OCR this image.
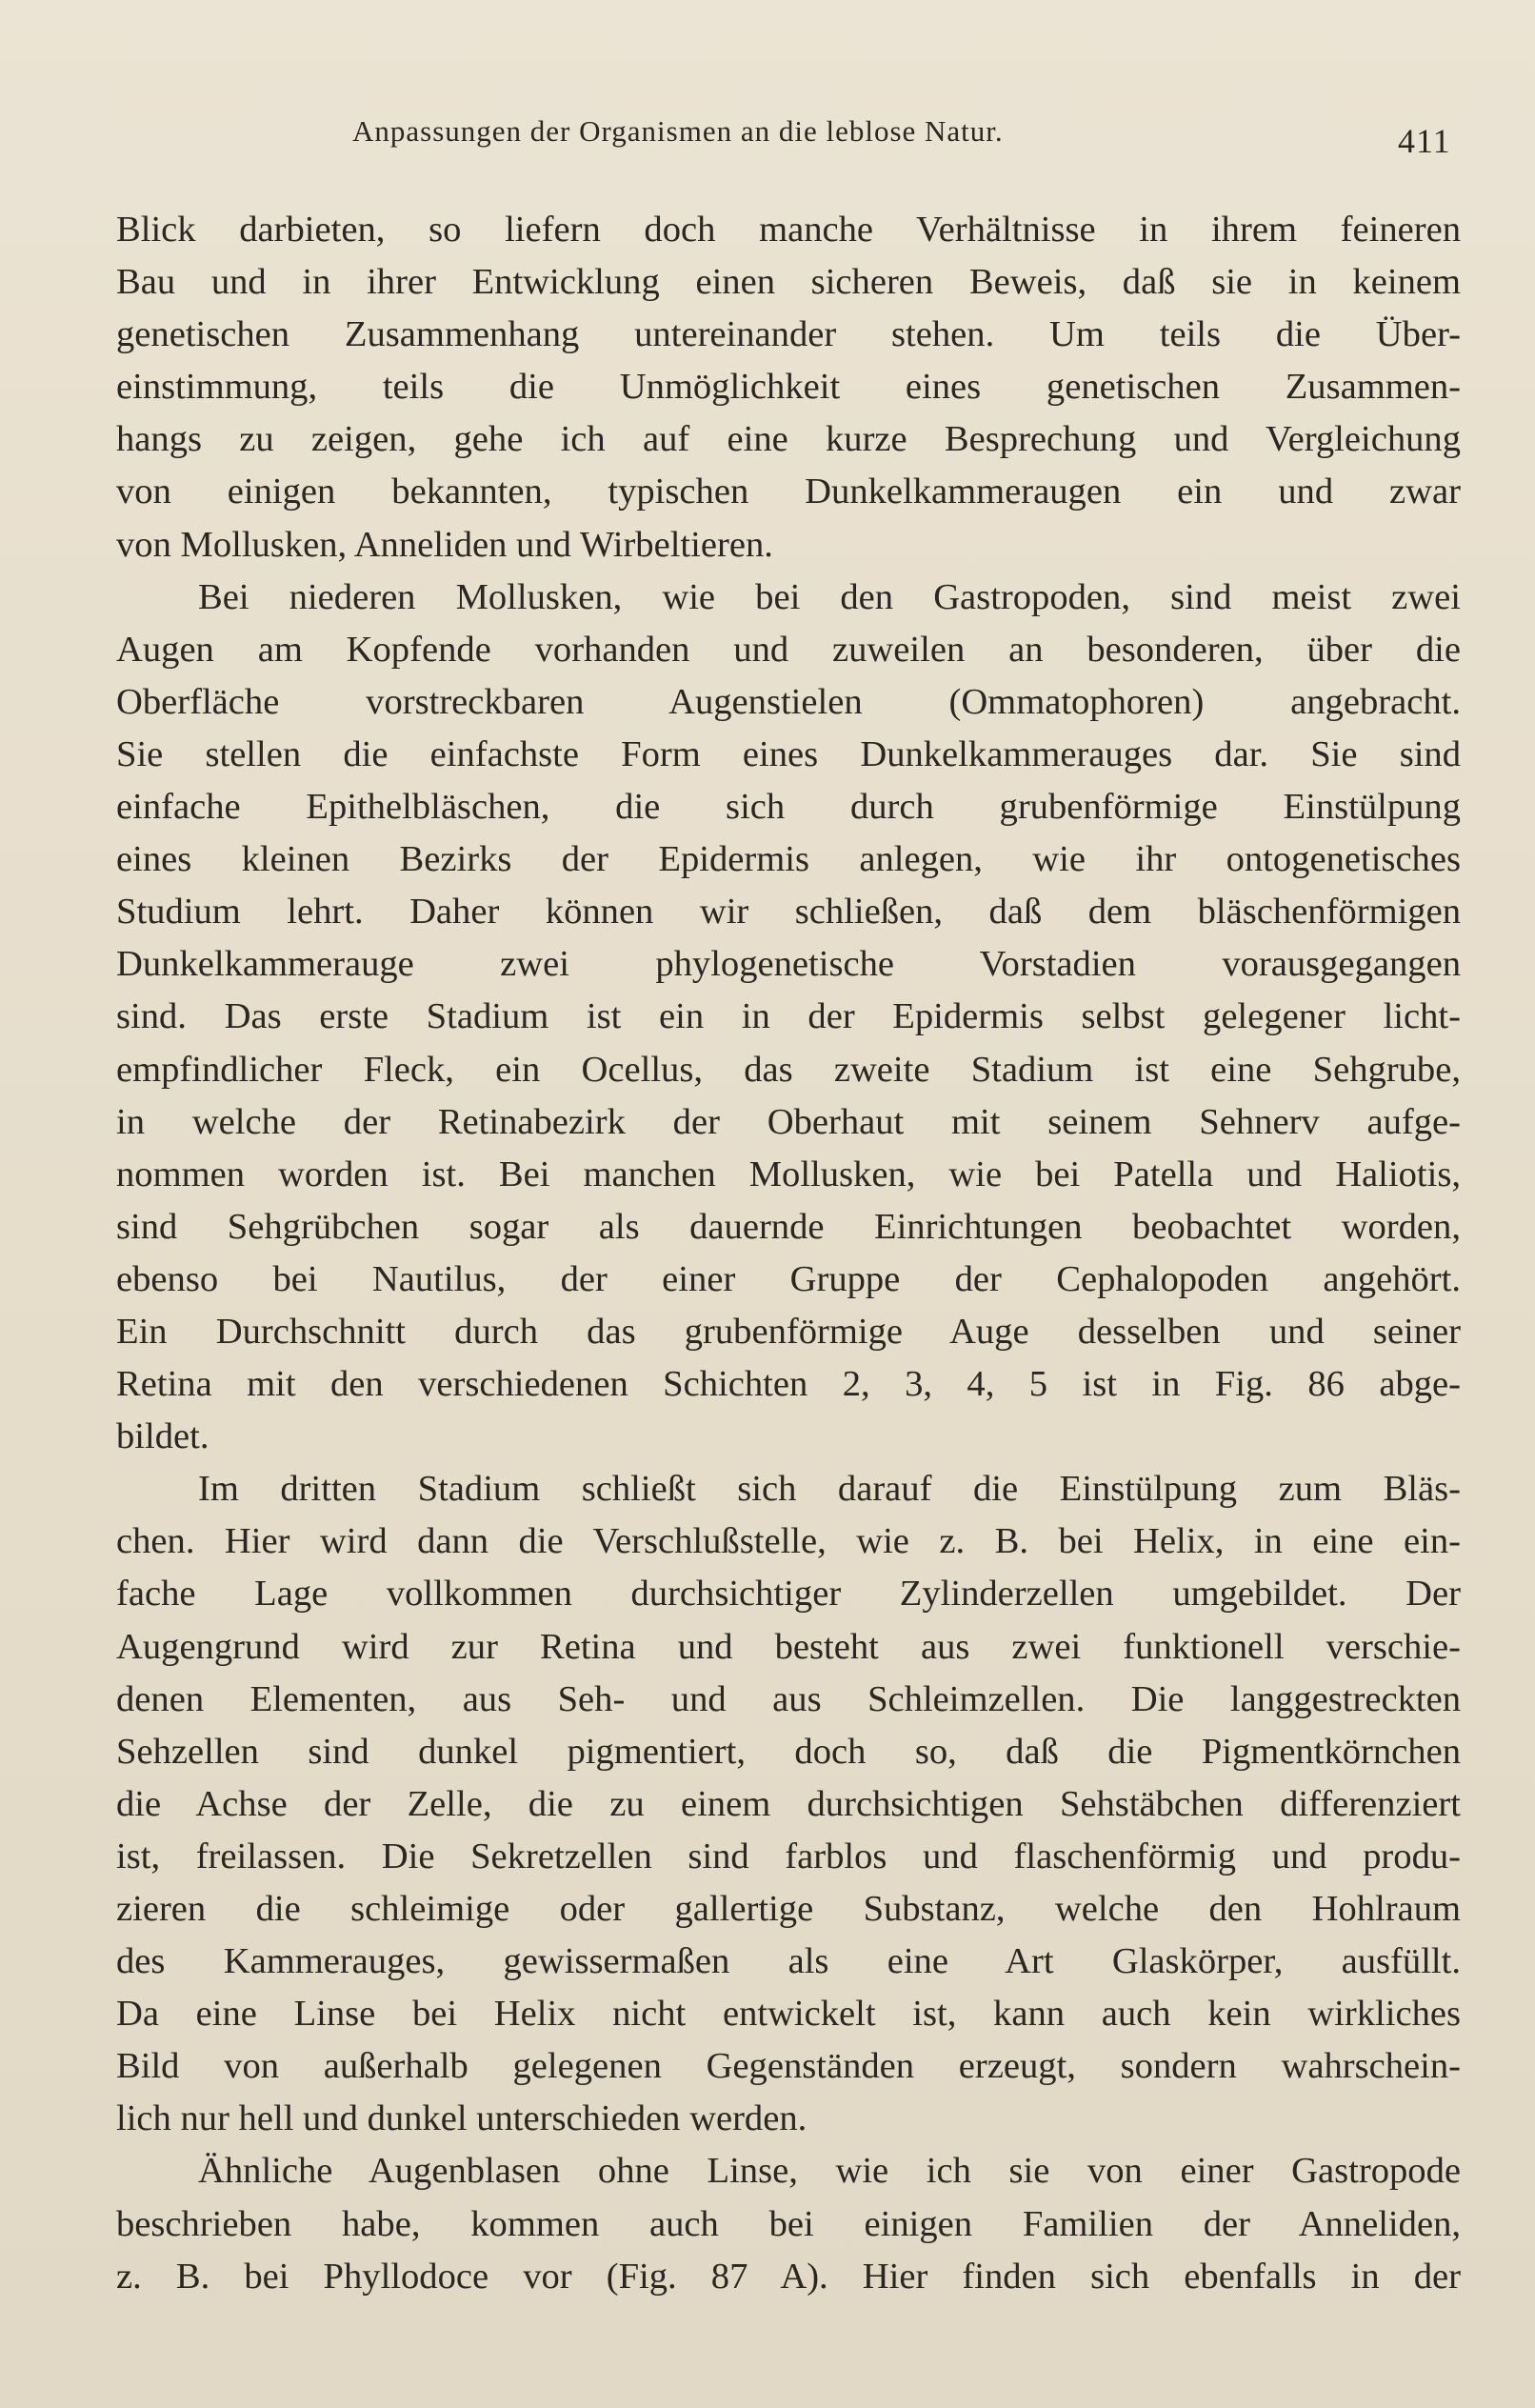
Anpassungen der Organismen an die leblose Natur.	411

Blick darbieten, so liefern doch manche Verhältnisse in ihrem feineren
Bau und in ihrer Entwicklung einen sicheren Beweis, daß sie in keinem
genetischen Zusammenhang untereinander stehen. Um teils die Über-
einstimmung, teils die Unmöglichkeit eines genetischen Zusammen-
hangs zu zeigen, gehe ich auf eine kurze Besprechung und Vergleichung
von einigen bekannten, typischen Dunkelkammeraugen ein und zwar
von Mollusken, Anneliden und Wirbeltieren.

Bei niederen Mollusken, wie bei den Gastropoden, sind meist zwei
Augen am Kopfende vorhanden und zuweilen an besonderen, über die
Oberfläche vorstreckbaren Augenstielen (Ommatophoren) angebracht.
Sie stellen die einfachste Form eines Dunkelkammerauges dar. Sie sind
einfache Epithelbläschen, die sich durch grubenförmige Einstülpung
eines kleinen Bezirks der Epidermis anlegen, wie ihr ontogenetisches
Studium lehrt. Daher können wir schließen, daß dem bläschenförmigen
Dunkelkammerauge zwei phylogenetische Vorstadien vorausgegangen
sind. Das erste Stadium ist ein in der Epidermis selbst gelegener licht-
empfindlicher Fleck, ein Ocellus, das zweite Stadium ist eine Sehgrube,
in welche der Retinabezirk der Oberhaut mit seinem Sehnerv aufge-
nommen worden ist. Bei manchen Mollusken, wie bei Patella und Haliotis,
sind Sehgrübchen sogar als dauernde Einrichtungen beobachtet worden,
ebenso bei Nautilus, der einer Gruppe der Cephalopoden angehört.
Ein Durchschnitt durch das grubenförmige Auge desselben und seiner
Retina mit den verschiedenen Schichten 2, 3, 4, 5 ist in Fig. 86 abge-
bildet.

Im dritten Stadium schließt sich darauf die Einstülpung zum Bläs-
chen. Hier wird dann die Verschlußstelle, wie z. B. bei Helix, in eine ein-
fache Lage vollkommen durchsichtiger Zylinderzellen umgebildet. Der
Augengrund wird zur Retina und besteht aus zwei funktionell verschie-
denen Elementen, aus Seh- und aus Schleimzellen. Die langgestreckten
Sehzellen sind dunkel pigmentiert, doch so, daß die Pigmentkörnchen
die Achse der Zelle, die zu einem durchsichtigen Sehstäbchen differenziert
ist, freilassen. Die Sekretzellen sind farblos und flaschenförmig und produ-
zieren die schleimige oder gallertige Substanz, welche den Hohlraum
des Kammerauges, gewissermaßen als eine Art Glaskörper, ausfüllt.
Da eine Linse bei Helix nicht entwickelt ist, kann auch kein wirkliches
Bild von außerhalb gelegenen Gegenständen erzeugt, sondern wahrschein-
lich nur hell und dunkel unterschieden werden.

Ähnliche Augenblasen ohne Linse, wie ich sie von einer Gastropode
beschrieben habe, kommen auch bei einigen Familien der Anneliden,
z. B. bei Phyllodoce vor (Fig. 87 A). Hier finden sich ebenfalls in der
